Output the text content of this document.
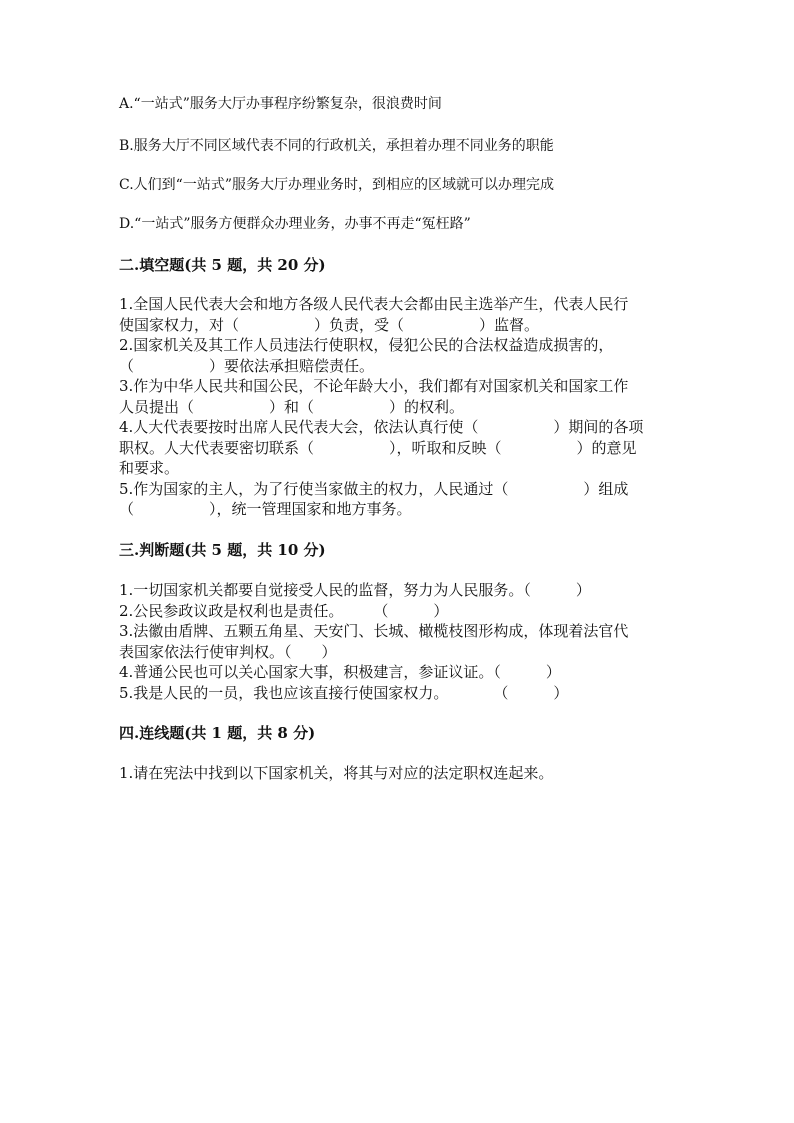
A.“一站式”服务大厅办事程序纷繁复杂，很浪费时间
B.服务大厅不同区域代表不同的行政机关，承担着办理不同业务的职能
C.人们到“一站式”服务大厅办理业务时，到相应的区域就可以办理完成
D.“一站式”服务方便群众办理业务，办事不再走“冤枉路”
二.填空题(共 5 题，共 20 分)
1.全国人民代表大会和地方各级人民代表大会都由民主选举产生，代表人民行
使国家权力，对（　　　　　）负责，受（　　　　　）监督。
2.国家机关及其工作人员违法行使职权，侵犯公民的合法权益造成损害的，
（　　　　　）要依法承担赔偿责任。
3.作为中华人民共和国公民，不论年龄大小，我们都有对国家机关和国家工作
人员提出（　　　　　）和（　　　　　）的权利。
4.人大代表要按时出席人民代表大会，依法认真行使（　　　　　）期间的各项
职权。人大代表要密切联系（　　　　　），听取和反映（　　　　　）的意见
和要求。
5.作为国家的主人，为了行使当家做主的权力，人民通过（　　　　　）组成
（　　　　　），统一管理国家和地方事务。
三.判断题(共 5 题，共 10 分)
1.一切国家机关都要自觉接受人民的监督，努力为人民服务。（　　　）
2.公民参政议政是权利也是责任。　　　（　　　）
3.法徽由盾牌、五颗五角星、天安门、长城、橄榄枝图形构成，体现着法官代
表国家依法行使审判权。（　　）
4.普通公民也可以关心国家大事，积极建言，参证议证。（　　　）
5.我是人民的一员，我也应该直接行使国家权力。　　　　（　　　）
四.连线题(共 1 题，共 8 分)
1.请在宪法中找到以下国家机关，将其与对应的法定职权连起来。
